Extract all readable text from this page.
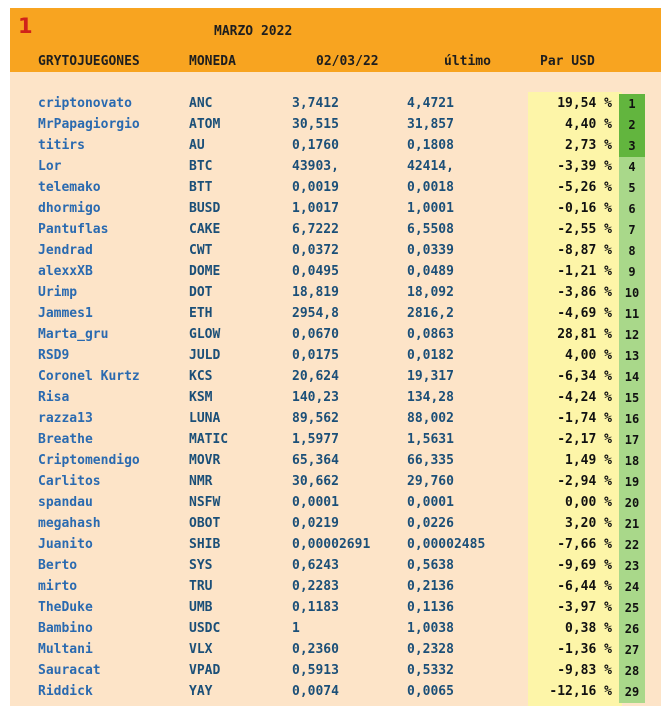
1	MARZO 2022
GRYTOJUEGONES	MONEDA	02/03/22	último	Par USD
criptonovato	ANC	3,7412	4,4721	19,54 %	1
MrPapagiorgio	ATOM	30,515	31,857	4,40 %	2
titirs	AU	0,1760	0,1808	2,73 %	3
Lor	BTC	43903,	42414,	-3,39 %	4
telemako	BTT	0,0019	0,0018	-5,26 %	5
dhormigo	BUSD	1,0017	1,0001	-0,16 %	6
Pantuflas	CAKE	6,7222	6,5508	-2,55 %	7
Jendrad	CWT	0,0372	0,0339	-8,87 %	8
alexxXB	DOME	0,0495	0,0489	-1,21 %	9
Urimp	DOT	18,819	18,092	-3,86 %	10
Jammes1	ETH	2954,8	2816,2	-4,69 %	11
Marta_gru	GLOW	0,0670	0,0863	28,81 %	12
RSD9	JULD	0,0175	0,0182	4,00 %	13
Coronel Kurtz	KCS	20,624	19,317	-6,34 %	14
Risa	KSM	140,23	134,28	-4,24 %	15
razza13	LUNA	89,562	88,002	-1,74 %	16
Breathe	MATIC	1,5977	1,5631	-2,17 %	17
Criptomendigo	MOVR	65,364	66,335	1,49 %	18
Carlitos	NMR	30,662	29,760	-2,94 %	19
spandau	NSFW	0,0001	0,0001	0,00 %	20
megahash	OBOT	0,0219	0,0226	3,20 %	21
Juanito	SHIB	0,00002691	0,00002485	-7,66 %	22
Berto	SYS	0,6243	0,5638	-9,69 %	23
mirto	TRU	0,2283	0,2136	-6,44 %	24
TheDuke	UMB	0,1183	0,1136	-3,97 %	25
Bambino	USDC	1	1,0038	0,38 %	26
Multani	VLX	0,2360	0,2328	-1,36 %	27
Sauracat	VPAD	0,5913	0,5332	-9,83 %	28
Riddick	YAY	0,0074	0,0065	-12,16 %	29
